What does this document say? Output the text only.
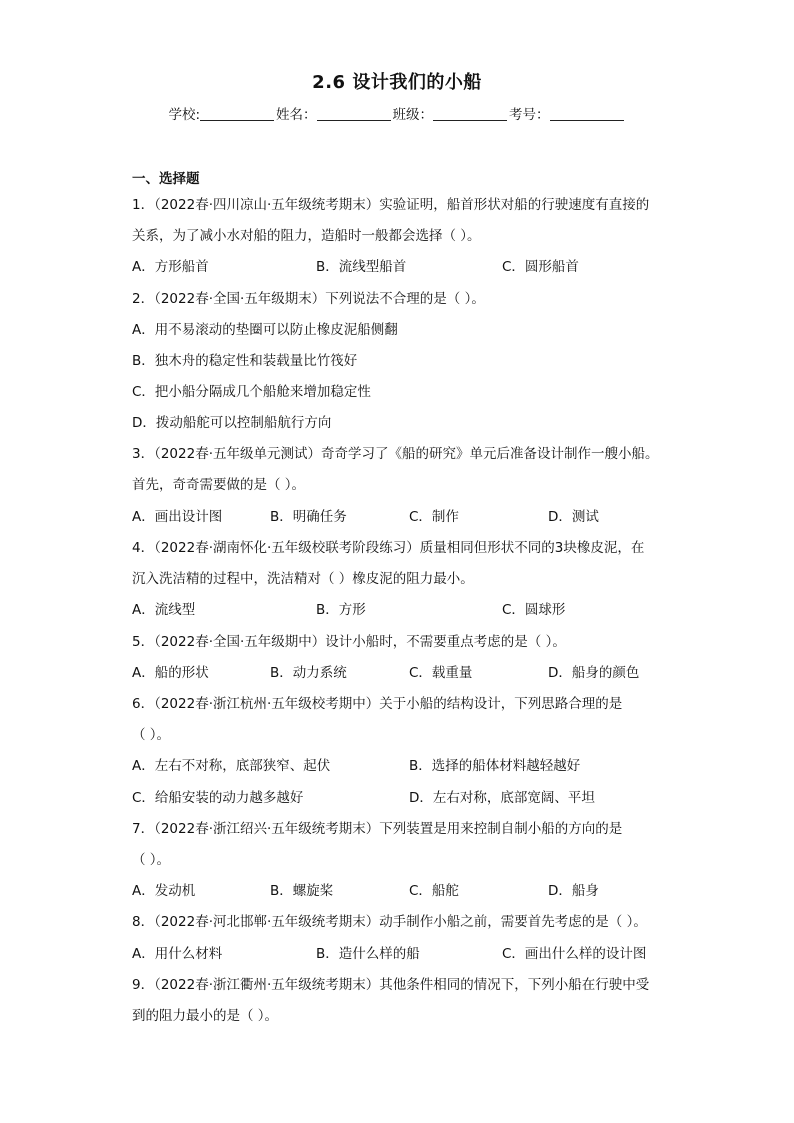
2.6 设计我们的小船
学校:	姓名：	班级：	考号：
一、选择题
1．（2022春·四川凉山·五年级统考期末）实验证明，船首形状对船的行驶速度有直接的
关系，为了减小水对船的阻力，造船时一般都会选择（ ）。
A．方形船首	B．流线型船首	C．圆形船首
2．（2022春·全国·五年级期末）下列说法不合理的是（ ）。
A．用不易滚动的垫圈可以防止橡皮泥船侧翻
B．独木舟的稳定性和装载量比竹筏好
C．把小船分隔成几个船舱来增加稳定性
D．拨动船舵可以控制船航行方向
3．（2022春·五年级单元测试）奇奇学习了《船的研究》单元后准备设计制作一艘小船。
首先，奇奇需要做的是（ ）。
A．画出设计图	B．明确任务	C．制作	D．测试
4．（2022春·湖南怀化·五年级校联考阶段练习）质量相同但形状不同的3块橡皮泥，在
沉入洗洁精的过程中，洗洁精对（ ）橡皮泥的阻力最小。
A．流线型	B．方形	C．圆球形
5．（2022春·全国·五年级期中）设计小船时，不需要重点考虑的是（ ）。
A．船的形状	B．动力系统	C．载重量	D．船身的颜色
6．（2022春·浙江杭州·五年级校考期中）关于小船的结构设计，下列思路合理的是
（ ）。
A．左右不对称，底部狭窄、起伏	B．选择的船体材料越轻越好
C．给船安装的动力越多越好	D．左右对称，底部宽阔、平坦
7．（2022春·浙江绍兴·五年级统考期末）下列装置是用来控制自制小船的方向的是
（ ）。
A．发动机	B．螺旋桨	C．船舵	D．船身
8．（2022春·河北邯郸·五年级统考期末）动手制作小船之前，需要首先考虑的是（ ）。
A．用什么材料	B．造什么样的船	C．画出什么样的设计图
9．（2022春·浙江衢州·五年级统考期末）其他条件相同的情况下，下列小船在行驶中受
到的阻力最小的是（ ）。
